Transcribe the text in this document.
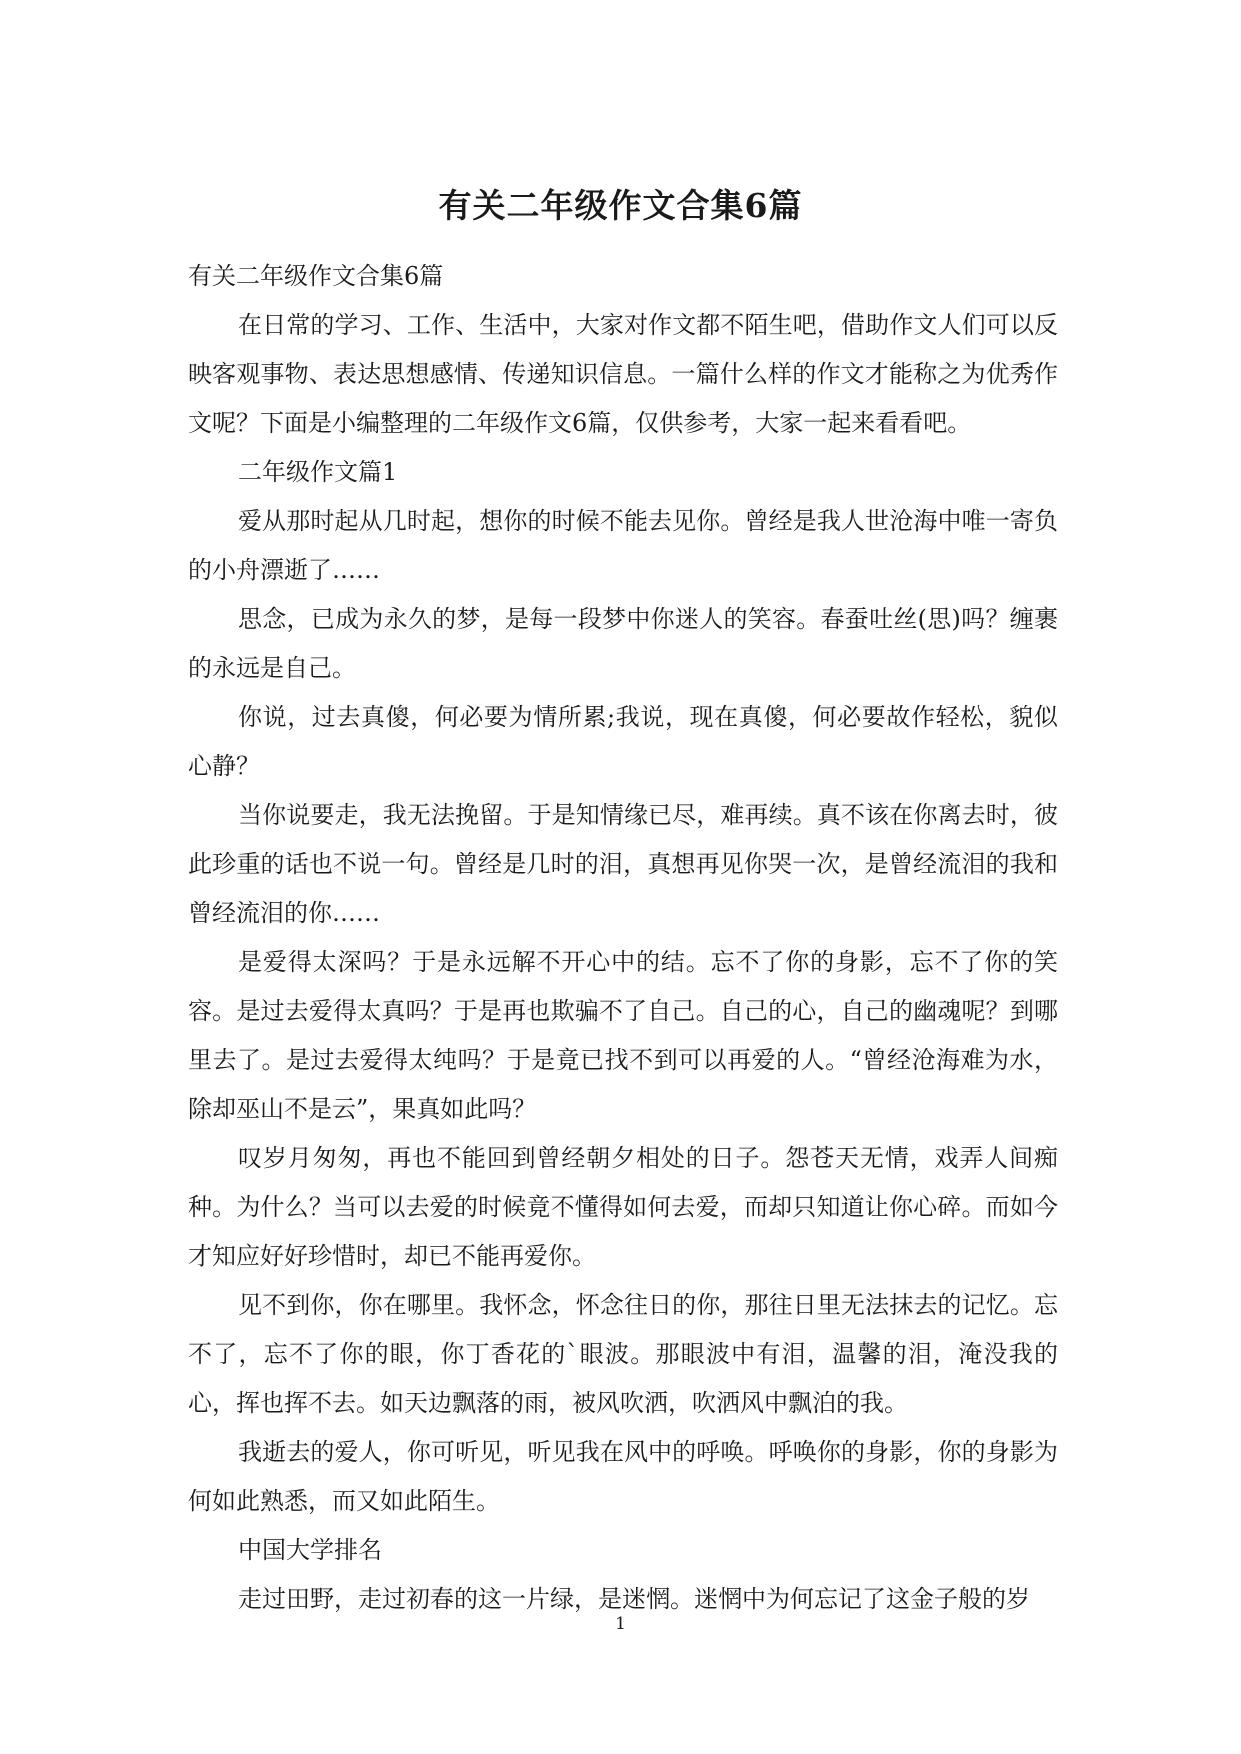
有关二年级作文合集6篇

有关二年级作文合集6篇

在日常的学习、工作、生活中，大家对作文都不陌生吧，借助作文人们可以反映客观事物、表达思想感情、传递知识信息。一篇什么样的作文才能称之为优秀作文呢？下面是小编整理的二年级作文6篇，仅供参考，大家一起来看看吧。

二年级作文篇1

爱从那时起从几时起，想你的时候不能去见你。曾经是我人世沧海中唯一寄负的小舟漂逝了……

思念，已成为永久的梦，是每一段梦中你迷人的笑容。春蚕吐丝(思)吗？缠裹的永远是自己。

你说，过去真傻，何必要为情所累;我说，现在真傻，何必要故作轻松，貌似心静？

当你说要走，我无法挽留。于是知情缘已尽，难再续。真不该在你离去时，彼此珍重的话也不说一句。曾经是几时的泪，真想再见你哭一次，是曾经流泪的我和曾经流泪的你……

是爱得太深吗？于是永远解不开心中的结。忘不了你的身影，忘不了你的笑容。是过去爱得太真吗？于是再也欺骗不了自己。自己的心，自己的幽魂呢？到哪里去了。是过去爱得太纯吗？于是竟已找不到可以再爱的人。“曾经沧海难为水，除却巫山不是云”，果真如此吗？

叹岁月匆匆，再也不能回到曾经朝夕相处的日子。怨苍天无情，戏弄人间痴种。为什么？当可以去爱的时候竟不懂得如何去爱，而却只知道让你心碎。而如今才知应好好珍惜时，却已不能再爱你。

见不到你，你在哪里。我怀念，怀念往日的你，那往日里无法抹去的记忆。忘不了，忘不了你的眼，你丁香花的`眼波。那眼波中有泪，温馨的泪，淹没我的心，挥也挥不去。如天边飘落的雨，被风吹洒，吹洒风中飘泊的我。

我逝去的爱人，你可听见，听见我在风中的呼唤。呼唤你的身影，你的身影为何如此熟悉，而又如此陌生。

中国大学排名

走过田野，走过初春的这一片绿，是迷惘。迷惘中为何忘记了这金子般的岁

1
